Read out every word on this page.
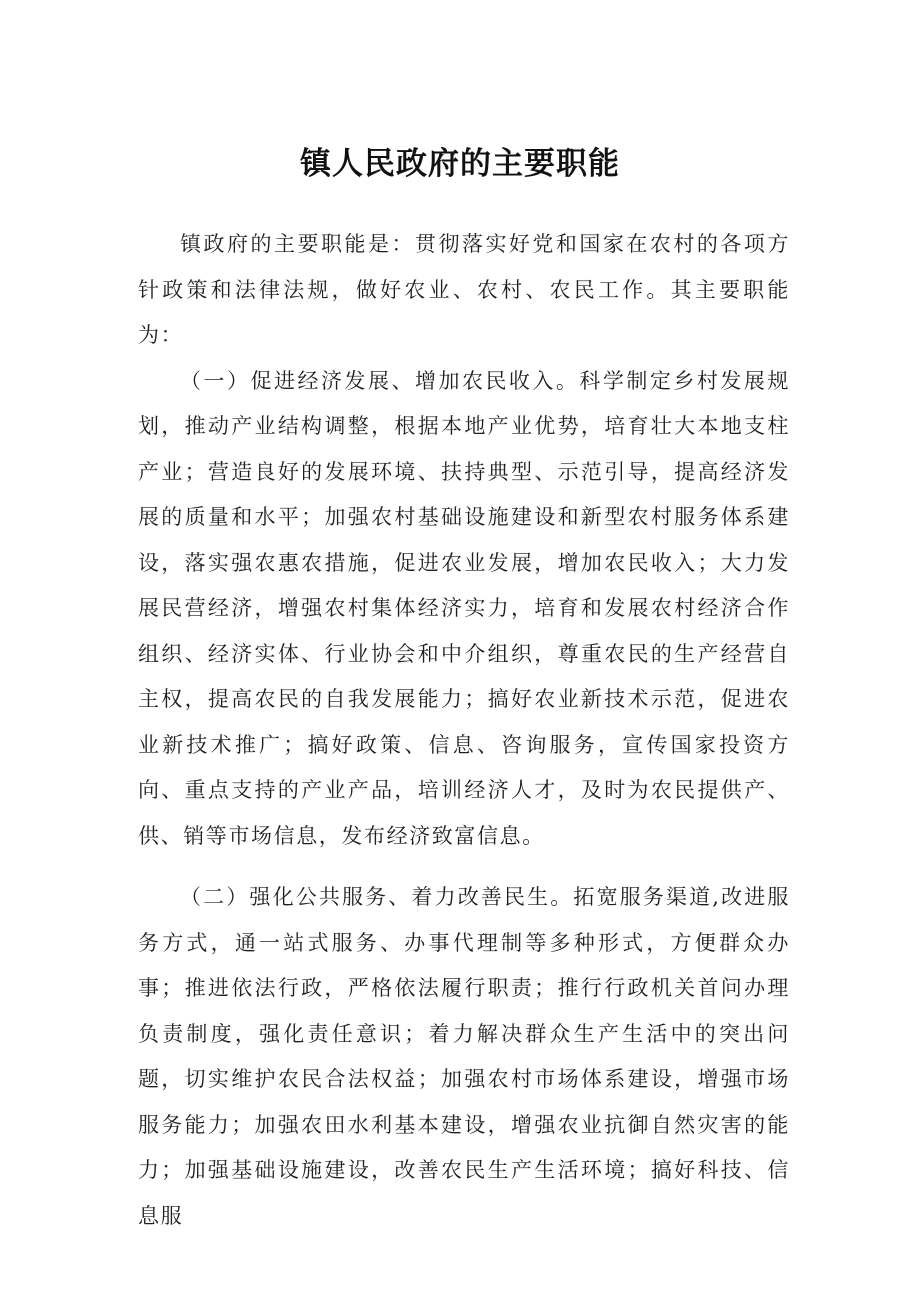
镇人民政府的主要职能

镇政府的主要职能是：贯彻落实好党和国家在农村的各项方针政策和法律法规，做好农业、农村、农民工作。其主要职能为：

（一）促进经济发展、增加农民收入。科学制定乡村发展规划，推动产业结构调整，根据本地产业优势，培育壮大本地支柱产业；营造良好的发展环境、扶持典型、示范引导，提高经济发展的质量和水平；加强农村基础设施建设和新型农村服务体系建设，落实强农惠农措施，促进农业发展，增加农民收入；大力发展民营经济，增强农村集体经济实力，培育和发展农村经济合作组织、经济实体、行业协会和中介组织，尊重农民的生产经营自主权，提高农民的自我发展能力；搞好农业新技术示范，促进农业新技术推广；搞好政策、信息、咨询服务，宣传国家投资方向、重点支持的产业产品，培训经济人才，及时为农民提供产、供、销等市场信息，发布经济致富信息。

（二）强化公共服务、着力改善民生。拓宽服务渠道,改进服务方式，通一站式服务、办事代理制等多种形式，方便群众办事；推进依法行政，严格依法履行职责；推行行政机关首问办理负责制度，强化责任意识；着力解决群众生产生活中的突出问题，切实维护农民合法权益；加强农村市场体系建设，增强市场服务能力；加强农田水利基本建设，增强农业抗御自然灾害的能力；加强基础设施建设，改善农民生产生活环境；搞好科技、信息服
